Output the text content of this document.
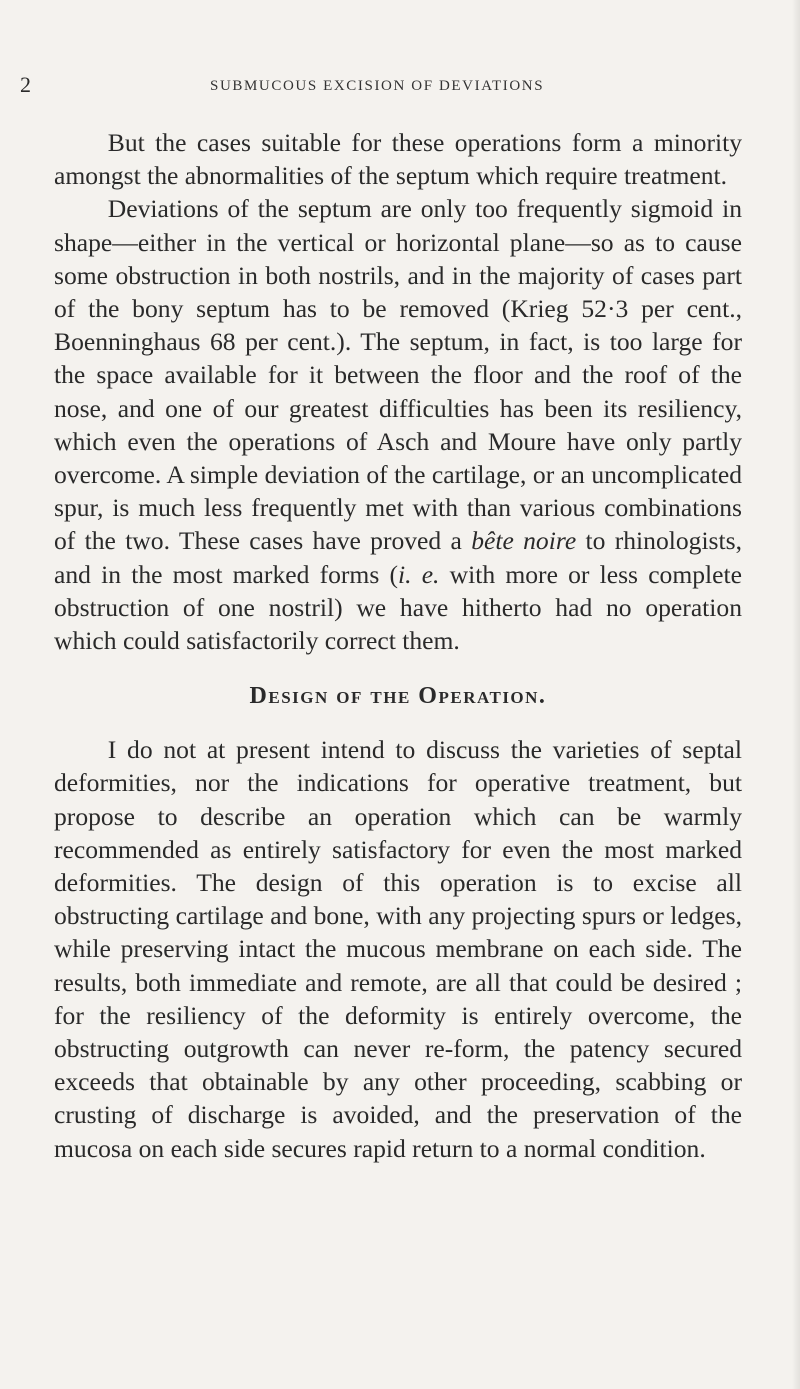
2	SUBMUCOUS EXCISION OF DEVIATIONS

But the cases suitable for these operations form a minority amongst the abnormalities of the septum which require treatment.

Deviations of the septum are only too frequently sigmoid in shape—either in the vertical or horizontal plane—so as to cause some obstruction in both nostrils, and in the majority of cases part of the bony septum has to be removed (Krieg 52·3 per cent., Boenninghaus 68 per cent.). The septum, in fact, is too large for the space available for it between the floor and the roof of the nose, and one of our greatest difficulties has been its resiliency, which even the operations of Asch and Moure have only partly overcome. A simple deviation of the cartilage, or an uncomplicated spur, is much less frequently met with than various combinations of the two. These cases have proved a bête noire to rhinologists, and in the most marked forms (i. e. with more or less complete obstruction of one nostril) we have hitherto had no operation which could satisfactorily correct them.

Design of the Operation.

I do not at present intend to discuss the varieties of septal deformities, nor the indications for operative treatment, but propose to describe an operation which can be warmly recommended as entirely satisfactory for even the most marked deformities. The design of this operation is to excise all obstructing cartilage and bone, with any projecting spurs or ledges, while preserving intact the mucous membrane on each side. The results, both immediate and remote, are all that could be desired ; for the resiliency of the deformity is entirely overcome, the obstructing outgrowth can never re-form, the patency secured exceeds that obtainable by any other proceeding, scabbing or crusting of discharge is avoided, and the preservation of the mucosa on each side secures rapid return to a normal condition.
